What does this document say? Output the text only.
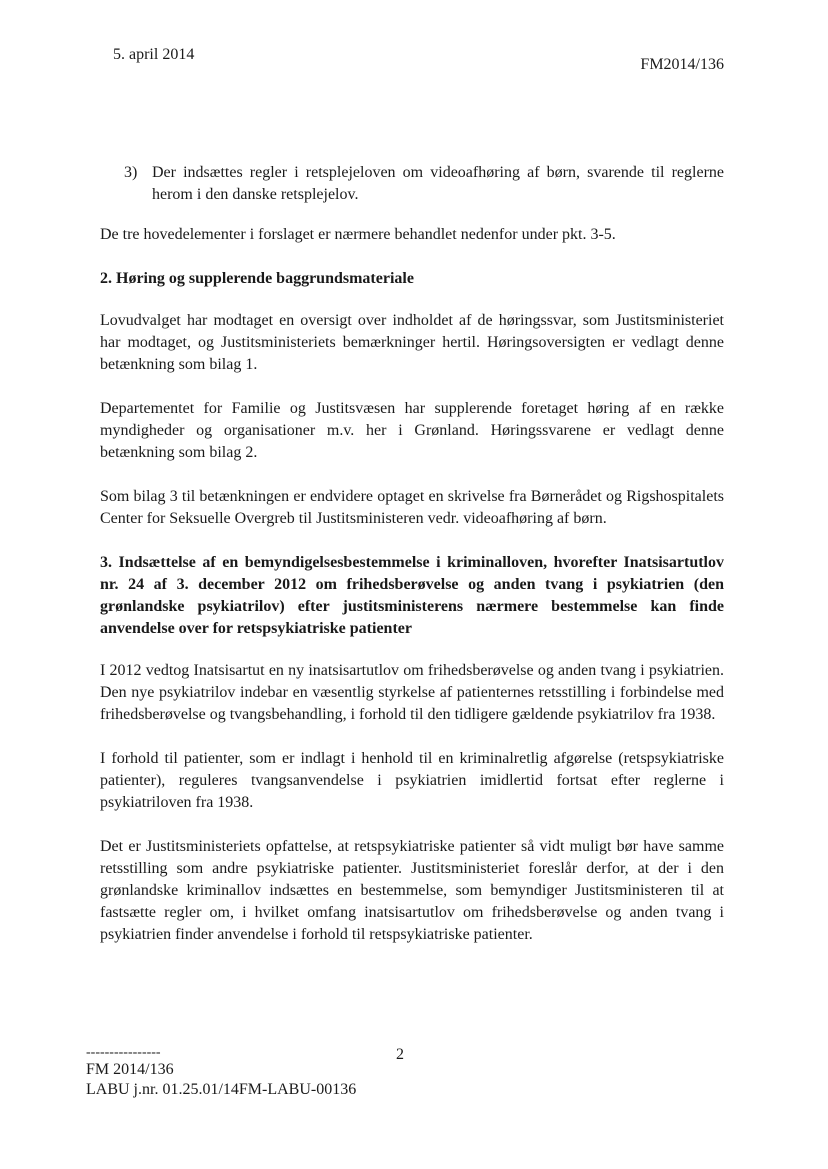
5. april 2014
FM2014/136
3) Der indsættes regler i retsplejeloven om videoafhøring af børn, svarende til reglerne herom i den danske retsplejelov.

De tre hovedelementer i forslaget er nærmere behandlet nedenfor under pkt. 3-5.

2. Høring og supplerende baggrundsmateriale

Lovudvalget har modtaget en oversigt over indholdet af de høringssvar, som Justitsministeriet har modtaget, og Justitsministeriets bemærkninger hertil. Høringsoversigten er vedlagt denne betænkning som bilag 1.

Departementet for Familie og Justitsvæsen har supplerende foretaget høring af en række myndigheder og organisationer m.v. her i Grønland. Høringssvarene er vedlagt denne betænkning som bilag 2.

Som bilag 3 til betænkningen er endvidere optaget en skrivelse fra Børnerådet og Rigshospitalets Center for Seksuelle Overgreb til Justitsministeren vedr. videoafhøring af børn.

3. Indsættelse af en bemyndigelsesbestemmelse i kriminalloven, hvorefter Inatsisartutlov nr. 24 af 3. december 2012 om frihedsberøvelse og anden tvang i psykiatrien (den grønlandske psykiatrilov) efter justitsministerens nærmere bestemmelse kan finde anvendelse over for retspsykiatriske patienter

I 2012 vedtog Inatsisartut en ny inatsisartutlov om frihedsberøvelse og anden tvang i psykiatrien. Den nye psykiatrilov indebar en væsentlig styrkelse af patienternes retsstilling i forbindelse med frihedsberøvelse og tvangsbehandling, i forhold til den tidligere gældende psykiatrilov fra 1938.

I forhold til patienter, som er indlagt i henhold til en kriminalretlig afgørelse (retspsykiatriske patienter), reguleres tvangsanvendelse i psykiatrien imidlertid fortsat efter reglerne i psykiatriloven fra 1938.

Det er Justitsministeriets opfattelse, at retspsykiatriske patienter så vidt muligt bør have samme retsstilling som andre psykiatriske patienter. Justitsministeriet foreslår derfor, at der i den grønlandske kriminallov indsættes en bestemmelse, som bemyndiger Justitsministeren til at fastsætte regler om, i hvilket omfang inatsisartutlov om frihedsberøvelse og anden tvang i psykiatrien finder anvendelse i forhold til retspsykiatriske patienter.

----------------
FM 2014/136
LABU j.nr. 01.25.01/14FM-LABU-00136
2
